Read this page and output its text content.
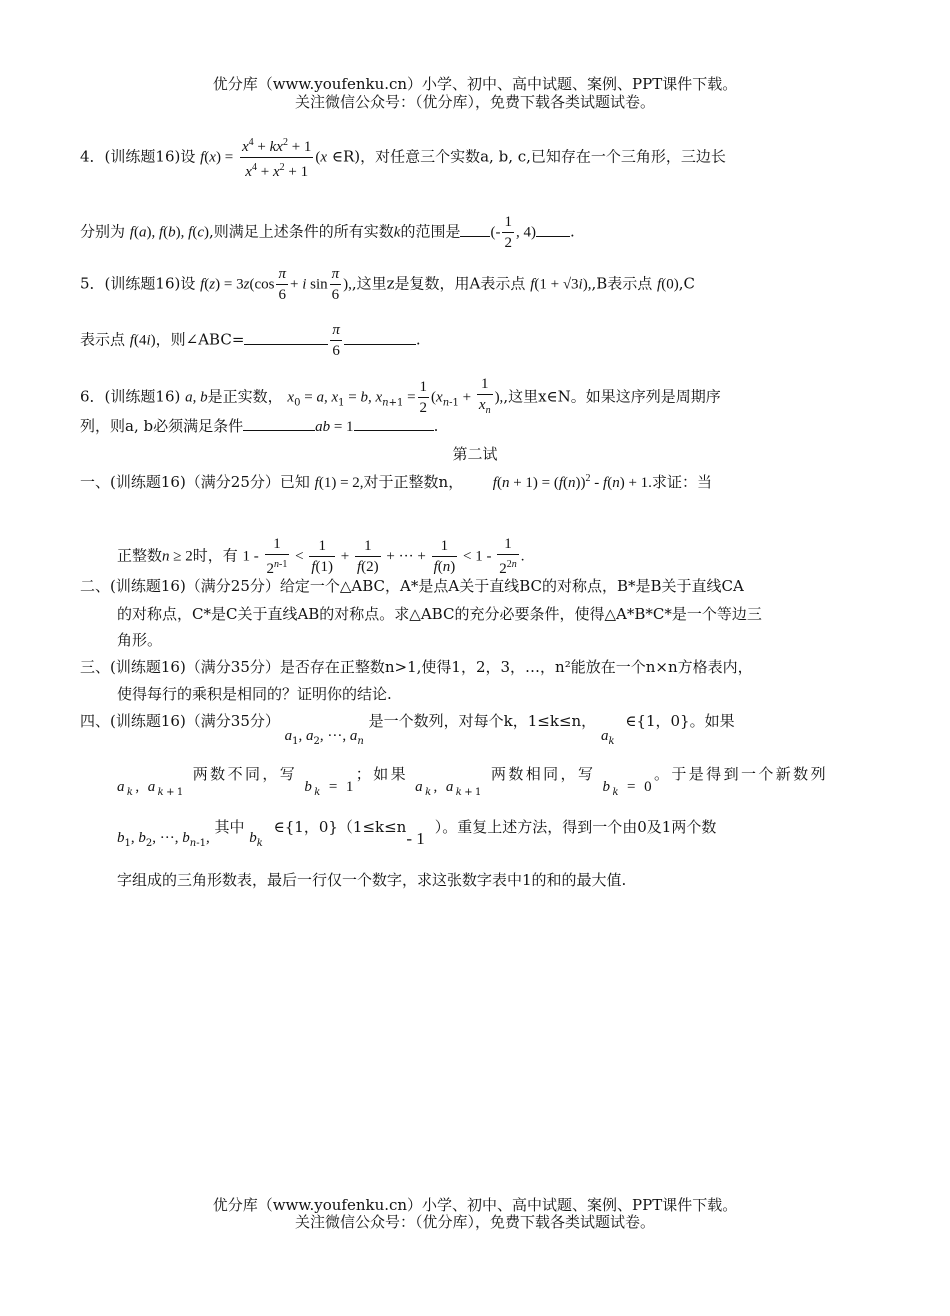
优分库（www.youfenku.cn）小学、初中、高中试题、案例、PPT课件下载。
关注微信公众号：（优分库），免费下载各类试题试卷。
4．(训练题16)设 $f(x) = \frac{x^4 + kx^2 + 1}{x^4 + x^2 + 1} (x$ ∈R)，对任意三个实数a, b, c,已知存在一个三角形，三边长
分别为 f(a), f(b), f(c),则满足上述条件的所有实数k的范围是 (- $\frac{1}{2}$ , 4) .
5．(训练题16)设 $f(z) = 3z(\cos \frac{\pi}{6} + i$ $\sin \frac{\pi}{6}$ ),,这里z是复数，用A表示点 f(1 + √3i),,B表示点 f(0),C
表示点 f(4i)，则∠ABC=	$\frac{\pi}{6}$	.
6．(训练题16) a, b是正实数， $x_0 = a$, $x_1 = b$, $x_{n+1} = \frac{1}{2} (x_{n-1} + \frac{1}{x_n}$ ),,这里x∈N。如果这序列是周期序
列，则a, b必须满足条件	ab = 1	.
第二试
一、(训练题16)（满分25分）已知 f(1) = 2,对于正整数n， $f(n + 1) = (f(n))^2 - f(n) + 1$.求证：当
正整数n ≥ 2时，有 $1 - \frac{1}{2^{n-1}} < \frac{1}{f(1)} + \frac{1}{f(2)}$ + ··· + $\frac{1}{f(n)} < 1 - \frac{1}{2^{2n}}$ .
二、(训练题16)（满分25分）给定一个△ABC，A*是点A关于直线BC的对称点，B*是B关于直线CA
的对称点，C*是C关于直线AB的对称点。求△ABC的充分必要条件，使得△A*B*C*是一个等边三
角形。
三、(训练题16)（满分35分）是否存在正整数n>1,使得1，2，3，…，n²能放在一个n×n方格表内，
使得每行的乘积是相同的？证明你的结论.
四、(训练题16)（满分35分） $a_1$, $a_2$, ···, $a_n$ 是一个数列，对每个k，1≤k≤n， $a_k$ ∈{1，0}。如果
$a_k$, $a_{k+1}$ 两数不同，写 $b_k = 1$；如果 $a_k$, $a_{k+1}$ 两数相同，写 $b_k = 0$。于是得到一个新数列
$b_1$, $b_2$, ···, $b_{n-1}$, 其中 $b_k$ ∈{1，0}（1≤k≤n- 1）。重复上述方法，得到一个由0及1两个数
字组成的三角形数表，最后一行仅一个数字，求这张数字表中1的和的最大值.
优分库（www.youfenku.cn）小学、初中、高中试题、案例、PPT课件下载。
关注微信公众号：（优分库），免费下载各类试题试卷。
